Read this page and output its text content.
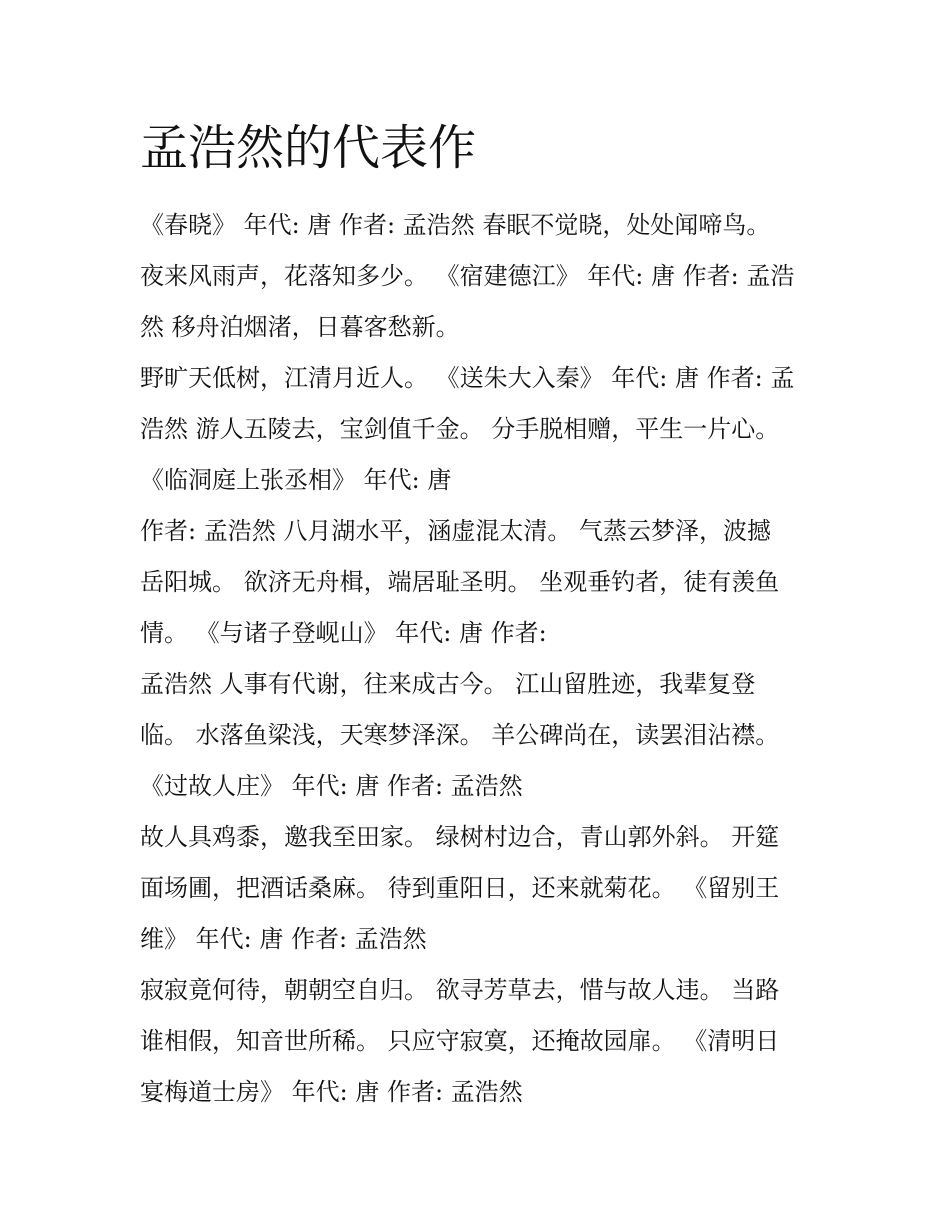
孟浩然的代表作
《春晓》 年代: 唐 作者: 孟浩然 春眠不觉晓，处处闻啼鸟。
夜来风雨声，花落知多少。 《宿建德江》 年代: 唐 作者: 孟浩
然 移舟泊烟渚，日暮客愁新。
野旷天低树，江清月近人。 《送朱大入秦》 年代: 唐 作者: 孟
浩然 游人五陵去，宝剑值千金。 分手脱相赠，平生一片心。
《临洞庭上张丞相》 年代: 唐
作者: 孟浩然 八月湖水平，涵虚混太清。 气蒸云梦泽，波撼
岳阳城。 欲济无舟楫，端居耻圣明。 坐观垂钓者，徒有羡鱼
情。 《与诸子登岘山》 年代: 唐 作者:
孟浩然 人事有代谢，往来成古今。 江山留胜迹，我辈复登
临。 水落鱼梁浅，天寒梦泽深。 羊公碑尚在，读罢泪沾襟。
《过故人庄》 年代: 唐 作者: 孟浩然
故人具鸡黍，邀我至田家。 绿树村边合，青山郭外斜。 开筵
面场圃，把酒话桑麻。 待到重阳日，还来就菊花。 《留别王
维》 年代: 唐 作者: 孟浩然
寂寂竟何待，朝朝空自归。 欲寻芳草去，惜与故人违。 当路
谁相假，知音世所稀。 只应守寂寞，还掩故园扉。 《清明日
宴梅道士房》 年代: 唐 作者: 孟浩然
